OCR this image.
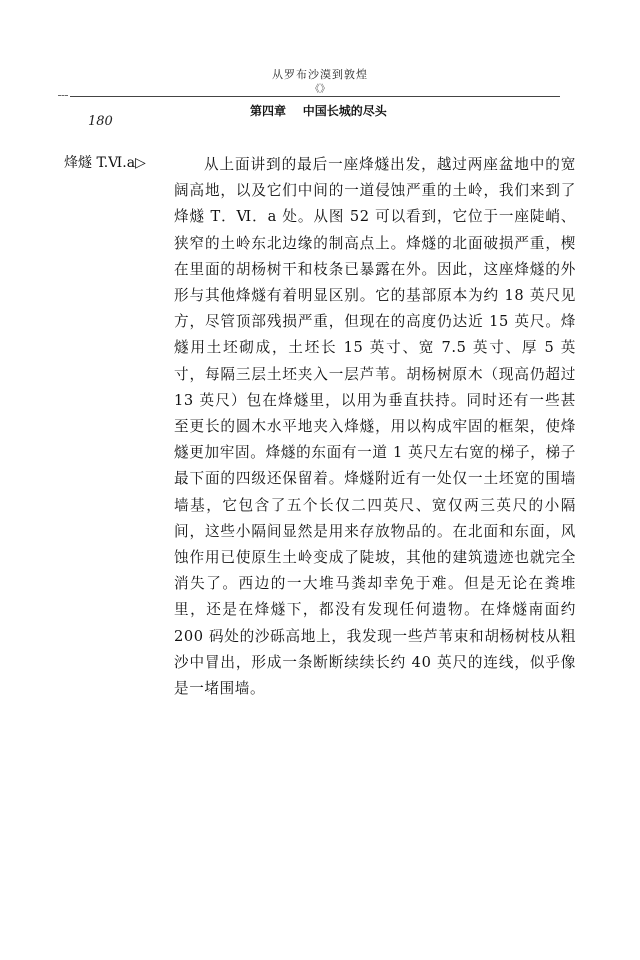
从罗布沙漠到敦煌
《》
第四章    中国长城的尽头
180
烽燧 T.Ⅵ.a▷	从上面讲到的最后一座烽燧出发，越过两座盆地中的宽阔高地，以及它们中间的一道侵蚀严重的土岭，我们来到了烽燧 T．Ⅵ．a 处。从图 52 可以看到，它位于一座陡峭、狭窄的土岭东北边缘的制高点上。烽燧的北面破损严重，楔在里面的胡杨树干和枝条已暴露在外。因此，这座烽燧的外形与其他烽燧有着明显区别。它的基部原本为约 18 英尺见方，尽管顶部残损严重，但现在的高度仍达近 15 英尺。烽燧用土坯砌成，土坯长 15 英寸、宽 7.5 英寸、厚 5 英寸，每隔三层土坯夹入一层芦苇。胡杨树原木（现高仍超过 13 英尺）包在烽燧里，以用为垂直扶持。同时还有一些甚至更长的圆木水平地夹入烽燧，用以构成牢固的框架，使烽燧更加牢固。烽燧的东面有一道 1 英尺左右宽的梯子，梯子最下面的四级还保留着。烽燧附近有一处仅一土坯宽的围墙墙基，它包含了五个长仅二四英尺、宽仅两三英尺的小隔间，这些小隔间显然是用来存放物品的。在北面和东面，风蚀作用已使原生土岭变成了陡坡，其他的建筑遗迹也就完全消失了。西边的一大堆马粪却幸免于难。但是无论在粪堆里，还是在烽燧下，都没有发现任何遗物。在烽燧南面约 200 码处的沙砾高地上，我发现一些芦苇束和胡杨树枝从粗沙中冒出，形成一条断断续续长约 40 英尺的连线，似乎像是一堵围墙。
